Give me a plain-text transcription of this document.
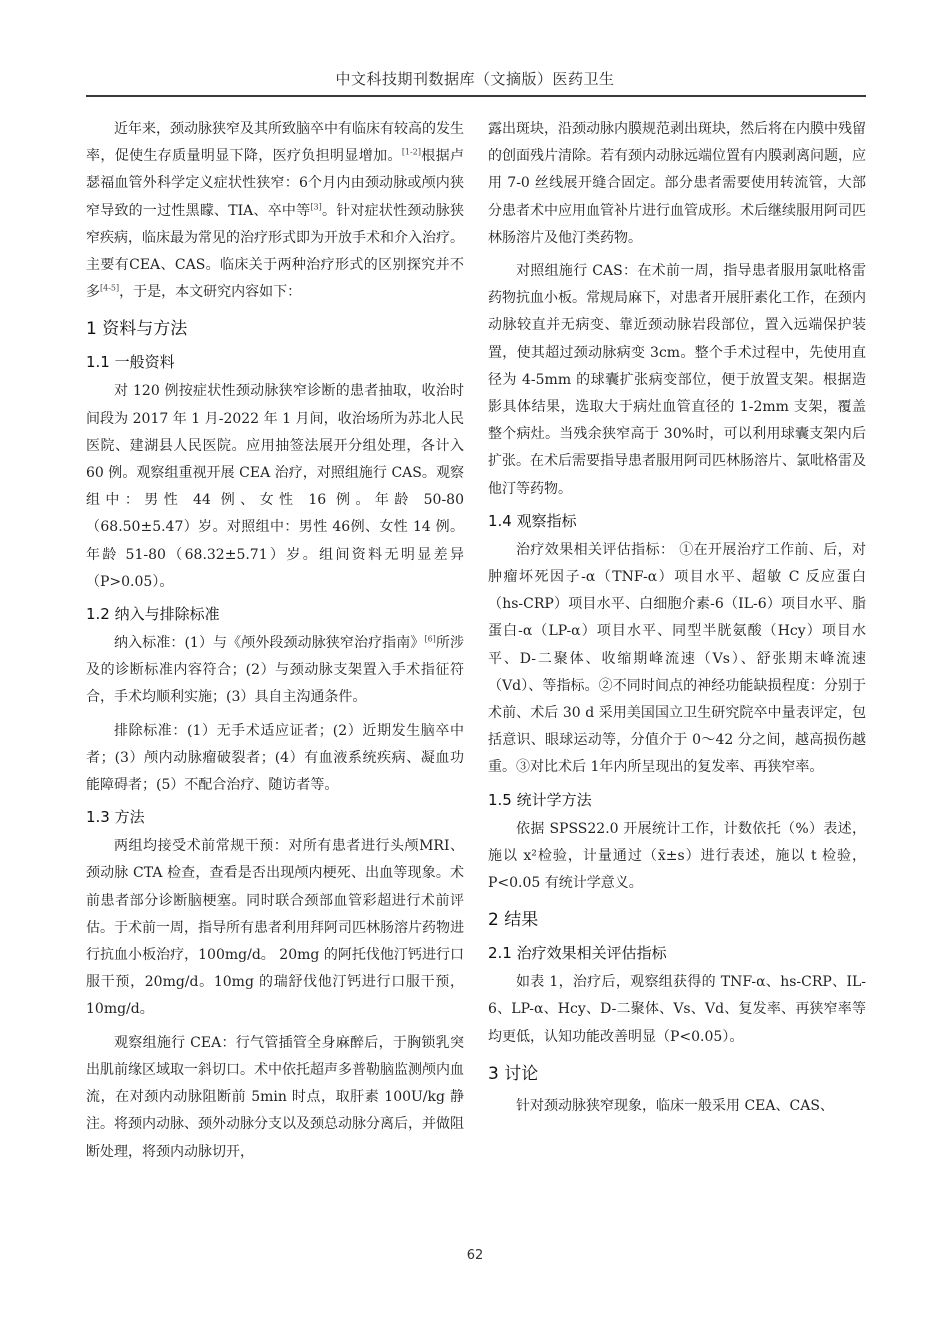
中文科技期刊数据库（文摘版）医药卫生

近年来，颈动脉狭窄及其所致脑卒中有临床有较高的发生率，促使生存质量明显下降，医疗负担明显增加。[1-2]根据卢瑟福血管外科学定义症状性狭窄：6个月内由颈动脉或颅内狭窄导致的一过性黑矇、TIA、卒中等[3]。针对症状性颈动脉狭窄疾病，临床最为常见的治疗形式即为开放手术和介入治疗。主要有CEA、CAS。临床关于两种治疗形式的区别探究并不多[4-5]，于是，本文研究内容如下：

1 资料与方法
1.1 一般资料

对 120 例按症状性颈动脉狭窄诊断的患者抽取，收治时间段为 2017 年 1 月-2022 年 1 月间，收治场所为苏北人民医院、建湖县人民医院。应用抽签法展开分组处理，各计入 60 例。观察组重视开展 CEA 治疗，对照组施行 CAS。观察组中：男性 44 例、女性 16 例。年龄 50-80（68.50±5.47）岁。对照组中：男性 46例、女性 14 例。年龄 51-80（68.32±5.71）岁。组间资料无明显差异（P>0.05）。

1.2 纳入与排除标准

纳入标准：(1）与《颅外段颈动脉狭窄治疗指南》[6]所涉及的诊断标准内容符合；(2）与颈动脉支架置入手术指征符合，手术均顺利实施；(3）具自主沟通条件。

排除标准：(1）无手术适应证者；(2）近期发生脑卒中者；(3）颅内动脉瘤破裂者；(4）有血液系统疾病、凝血功能障碍者；(5）不配合治疗、随访者等。

1.3 方法

两组均接受术前常规干预：对所有患者进行头颅MRI、颈动脉 CTA 检查，查看是否出现颅内梗死、出血等现象。术前患者部分诊断脑梗塞。同时联合颈部血管彩超进行术前评估。于术前一周，指导所有患者利用拜阿司匹林肠溶片药物进行抗血小板治疗，100mg/d。 20mg 的阿托伐他汀钙进行口服干预，20mg/d。10mg 的瑞舒伐他汀钙进行口服干预，10mg/d。

观察组施行 CEA：行气管插管全身麻醉后，于胸锁乳突出肌前缘区域取一斜切口。术中依托超声多普勒脑监测颅内血流，在对颈内动脉阻断前 5min 时点，取肝素 100U/kg 静注。将颈内动脉、颈外动脉分支以及颈总动脉分离后，并做阻断处理，将颈内动脉切开，

露出斑块，沿颈动脉内膜规范剥出斑块，然后将在内膜中残留的创面残片清除。若有颈内动脉远端位置有内膜剥离问题，应用 7-0 丝线展开缝合固定。部分患者需要使用转流管，大部分患者术中应用血管补片进行血管成形。术后继续服用阿司匹林肠溶片及他汀类药物。

对照组施行 CAS：在术前一周，指导患者服用氯吡格雷药物抗血小板。常规局麻下，对患者开展肝素化工作，在颈内动脉较直并无病变、靠近颈动脉岩段部位，置入远端保护装置，使其超过颈动脉病变 3cm。整个手术过程中，先使用直径为 4-5mm 的球囊扩张病变部位，便于放置支架。根据造影具体结果，选取大于病灶血管直径的 1-2mm 支架，覆盖整个病灶。当残余狭窄高于 30%时，可以利用球囊支架内后扩张。在术后需要指导患者服用阿司匹林肠溶片、氯吡格雷及他汀等药物。

1.4 观察指标

治疗效果相关评估指标： ①在开展治疗工作前、后，对肿瘤坏死因子-α（TNF-α）项目水平、超敏 C 反应蛋白（hs-CRP）项目水平、白细胞介素-6（IL-6）项目水平、脂蛋白-α（LP-α）项目水平、同型半胱氨酸（Hcy）项目水平、D-二聚体、收缩期峰流速（Vs）、舒张期末峰流速（Vd）、等指标。②不同时间点的神经功能缺损程度：分别于术前、术后 30 d 采用美国国立卫生研究院卒中量表评定，包括意识、眼球运动等，分值介于 0～42 分之间，越高损伤越重。③对比术后 1年内所呈现出的复发率、再狭窄率。

1.5 统计学方法

依据 SPSS22.0 开展统计工作，计数依托（%）表述，施以 x²检验，计量通过（x̄±s）进行表述，施以 t 检验，P<0.05 有统计学意义。

2 结果
2.1 治疗效果相关评估指标

如表 1，治疗后，观察组获得的 TNF-α、hs-CRP、IL-6、LP-α、Hcy、D-二聚体、Vs、Vd、复发率、再狭窄率等均更低，认知功能改善明显（P<0.05）。

3 讨论

针对颈动脉狭窄现象，临床一般采用 CEA、CAS、

62
